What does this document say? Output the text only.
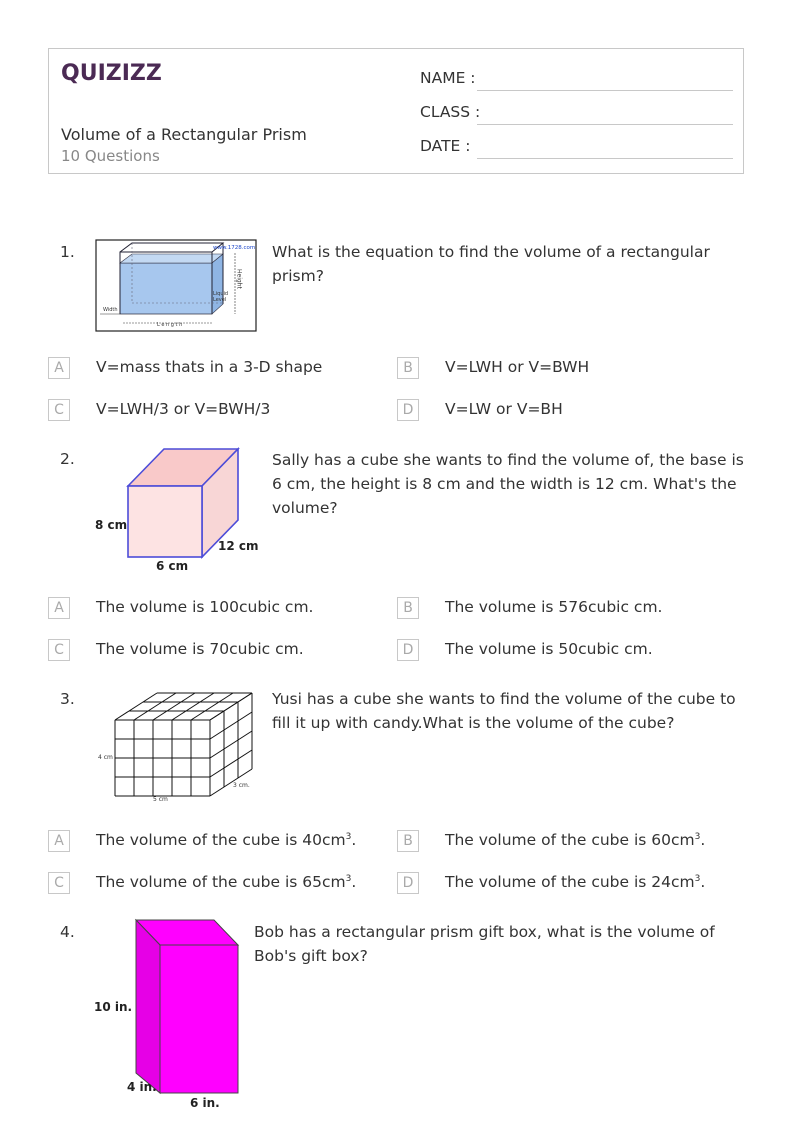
QUIZIZZ
Volume of a Rectangular Prism
10 Questions
NAME :
CLASS :
DATE :
1.	www.1728.com
Height
Liquid
Level
Width
L e n g t h
What is the equation to find the volume of a rectangular prism?
A	V=mass thats in a 3-D shape	B	V=LWH or V=BWH
C	V=LWH/3 or V=BWH/3	D	V=LW or V=BH
2.
8 cm
12 cm
6 cm
Sally has a cube she wants to find the volume of, the base is 6 cm, the height is 8 cm and the width is 12 cm. What's the volume?
A	The volume is 100cubic cm.	B	The volume is 576cubic cm.
C	The volume is 70cubic cm.	D	The volume is 50cubic cm.
3.
4 cm
3 cm.
5 cm
Yusi has a cube she wants to find the volume of the cube to fill it up with candy.What is the volume of the cube?
A	The volume of the cube is $40cm^3$.	B	The volume of the cube is $60cm^3$.
C	The volume of the cube is $65cm^3$.	D	The volume of the cube is $24cm^3$.
4.
10 in.
4 in.
6 in.
Bob has a rectangular prism gift box, what is the volume of Bob's gift box?
